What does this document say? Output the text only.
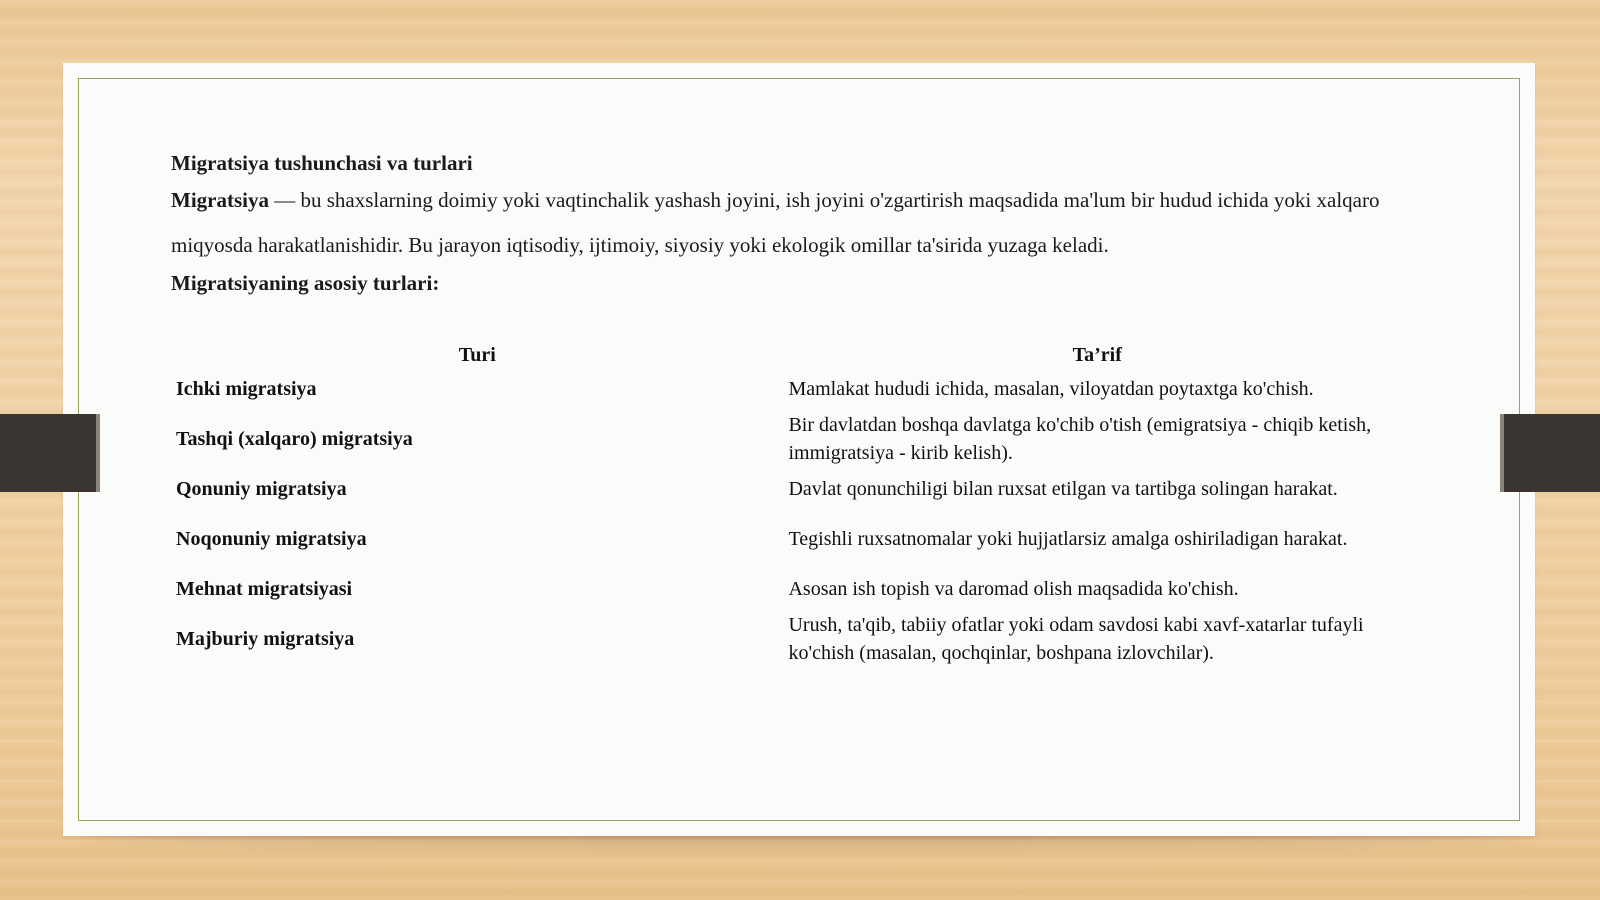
Migratsiya tushunchasi va turlari

Migratsiya — bu shaxslarning doimiy yoki vaqtinchalik yashash joyini, ish joyini o'zgartirish maqsadida ma'lum bir hudud ichida yoki xalqaro miqyosda harakatlanishidir. Bu jarayon iqtisodiy, ijtimoiy, siyosiy yoki ekologik omillar ta'sirida yuzaga keladi.

Migratsiyaning asosiy turlari:

Turi	Ta’rif
Ichki migratsiya	Mamlakat hududi ichida, masalan, viloyatdan poytaxtga ko'chish.
Tashqi (xalqaro) migratsiya	Bir davlatdan boshqa davlatga ko'chib o'tish (emigratsiya - chiqib ketish, immigratsiya - kirib kelish).
Qonuniy migratsiya	Davlat qonunchiligi bilan ruxsat etilgan va tartibga solingan harakat.
Noqonuniy migratsiya	Tegishli ruxsatnomalar yoki hujjatlarsiz amalga oshiriladigan harakat.
Mehnat migratsiyasi	Asosan ish topish va daromad olish maqsadida ko'chish.
Majburiy migratsiya	Urush, ta'qib, tabiiy ofatlar yoki odam savdosi kabi xavf-xatarlar tufayli ko'chish (masalan, qochqinlar, boshpana izlovchilar).
